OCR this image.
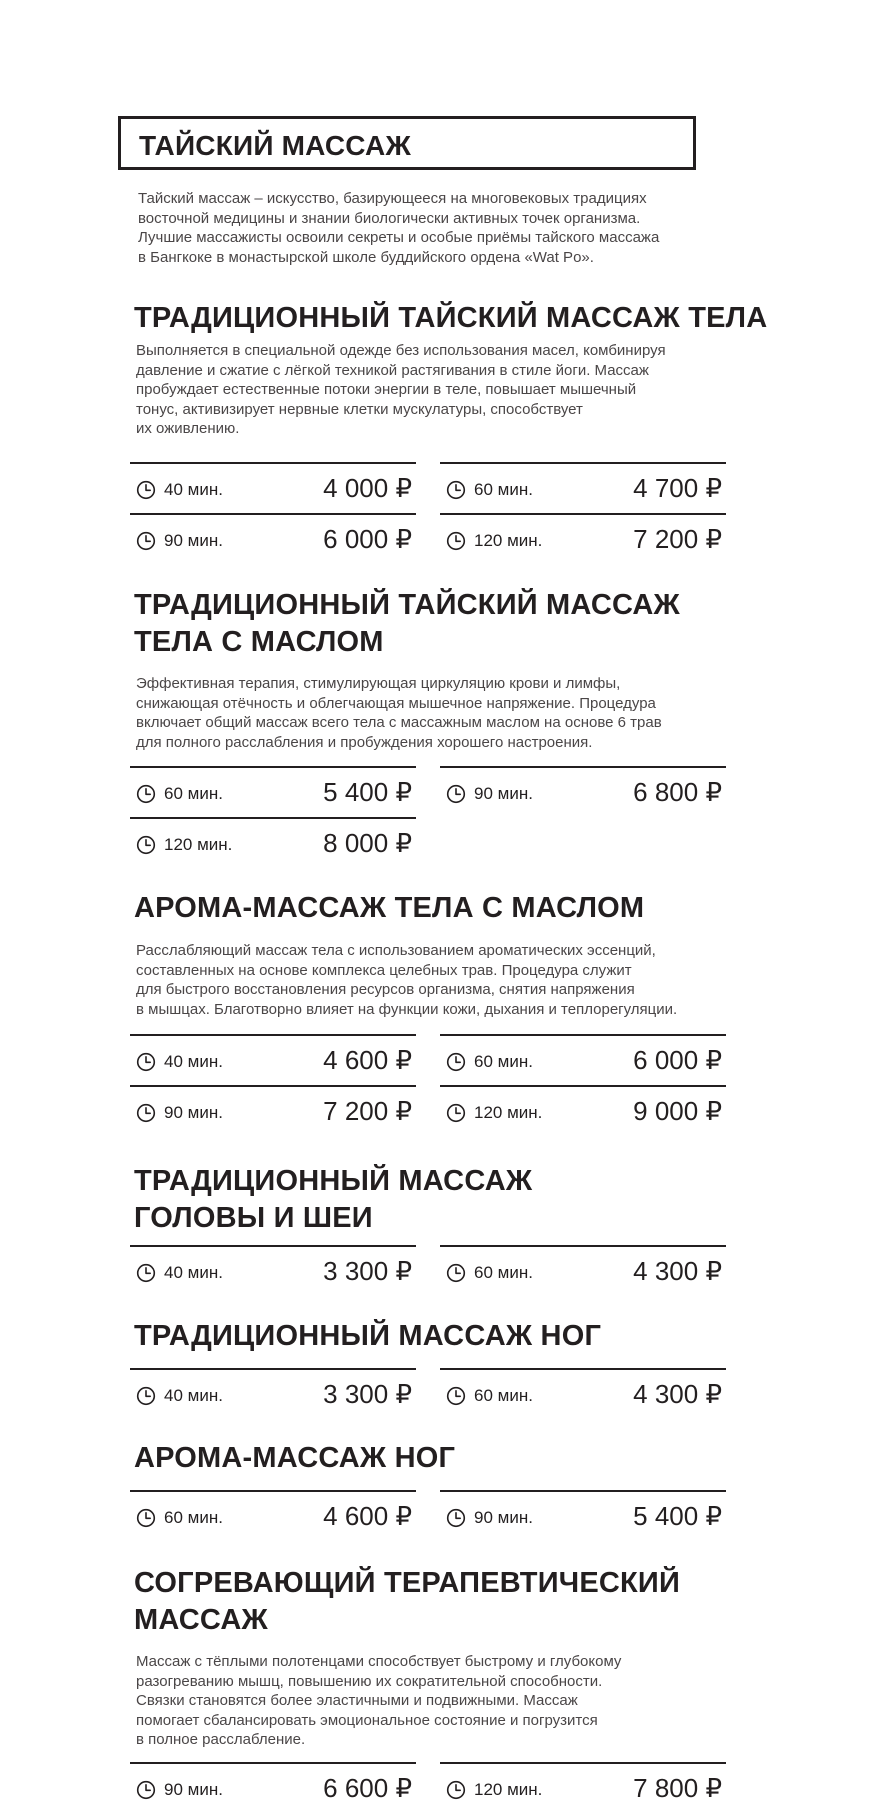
ТАЙСКИЙ МАССАЖ
Тайский массаж – искусство, базирующееся на многовековых традициях
восточной медицины и знании биологически активных точек организма.
Лучшие массажисты освоили секреты и особые приёмы тайского массажа
в Бангкоке в монастырской школе буддийского ордена «Wat Po».
ТРАДИЦИОННЫЙ ТАЙСКИЙ МАССАЖ ТЕЛА
Выполняется в специальной одежде без использования масел, комбинируя
давление и сжатие с лёгкой техникой растягивания в стиле йоги. Массаж
пробуждает естественные потоки энергии в теле, повышает мышечный
тонус, активизирует нервные клетки мускулатуры, способствует
их оживлению.
40 мин.	4 000 ₽	60 мин.	4 700 ₽
90 мин.	6 000 ₽	120 мин.	7 200 ₽
ТРАДИЦИОННЫЙ ТАЙСКИЙ МАССАЖ
ТЕЛА С МАСЛОМ
Эффективная терапия, стимулирующая циркуляцию крови и лимфы,
снижающая отёчность и облегчающая мышечное напряжение. Процедура
включает общий массаж всего тела с массажным маслом на основе 6 трав
для полного расслабления и пробуждения хорошего настроения.
60 мин.	5 400 ₽	90 мин.	6 800 ₽
120 мин.	8 000 ₽
АРОМА-МАССАЖ ТЕЛА С МАСЛОМ
Расслабляющий массаж тела с использованием ароматических эссенций,
составленных на основе комплекса целебных трав. Процедура служит
для быстрого восстановления ресурсов организма, снятия напряжения
в мышцах. Благотворно влияет на функции кожи, дыхания и теплорегуляции.
40 мин.	4 600 ₽	60 мин.	6 000 ₽
90 мин.	7 200 ₽	120 мин.	9 000 ₽
ТРАДИЦИОННЫЙ МАССАЖ
ГОЛОВЫ И ШЕИ
40 мин.	3 300 ₽	60 мин.	4 300 ₽
ТРАДИЦИОННЫЙ МАССАЖ НОГ
40 мин.	3 300 ₽	60 мин.	4 300 ₽
АРОМА-МАССАЖ НОГ
60 мин.	4 600 ₽	90 мин.	5 400 ₽
СОГРЕВАЮЩИЙ ТЕРАПЕВТИЧЕСКИЙ
МАССАЖ
Массаж с тёплыми полотенцами способствует быстрому и глубокому
разогреванию мышц, повышению их сократительной способности.
Связки становятся более эластичными и подвижными. Массаж
помогает сбалансировать эмоциональное состояние и погрузится
в полное расслабление.
90 мин.	6 600 ₽	120 мин.	7 800 ₽
